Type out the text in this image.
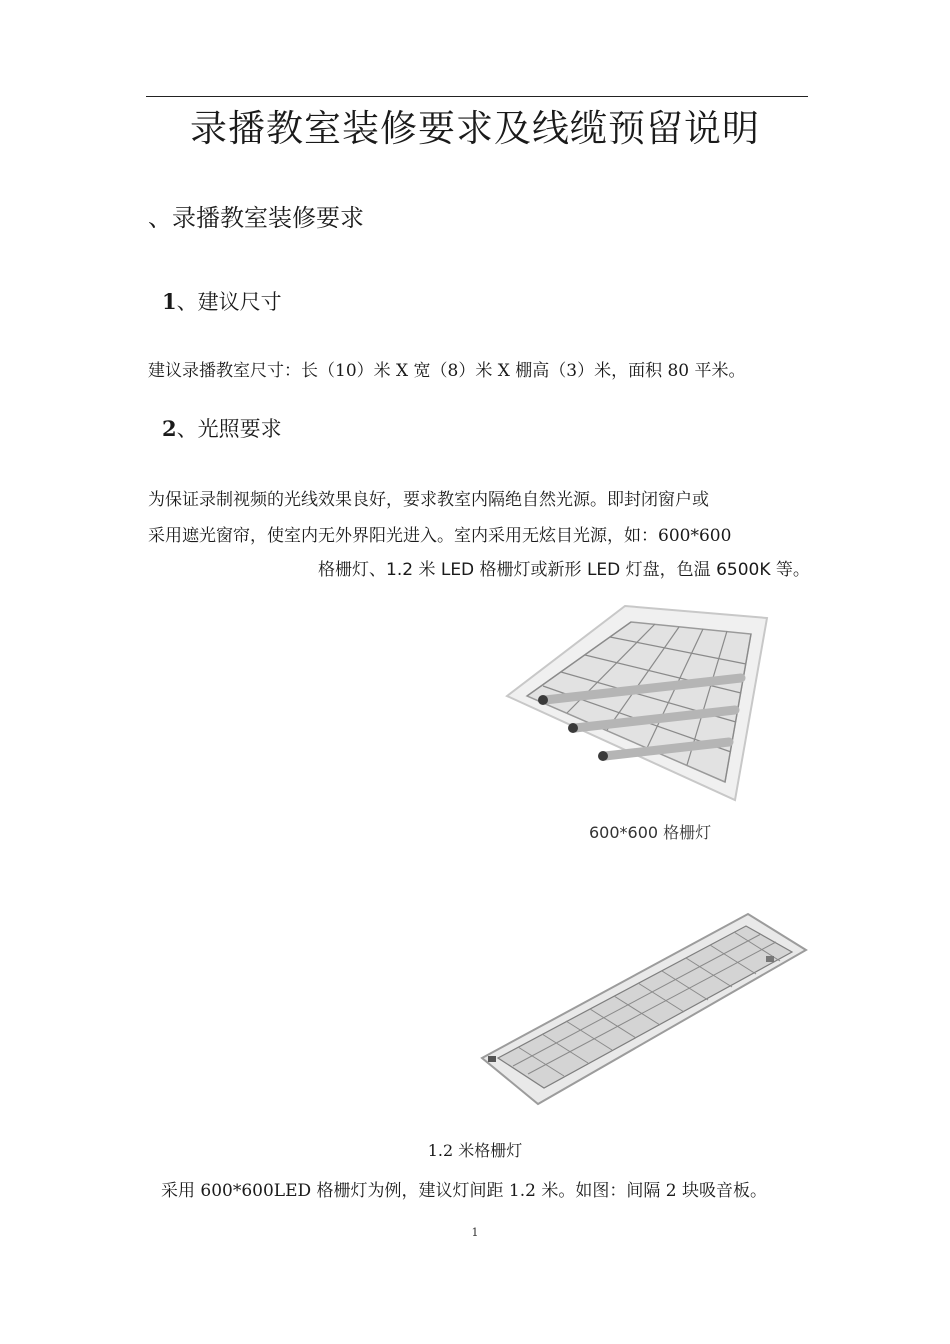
录播教室装修要求及线缆预留说明
、录播教室装修要求
1、建议尺寸
建议录播教室尺寸：长（10）米 X 宽（8）米 X 棚高（3）米，面积 80 平米。
2、光照要求
为保证录制视频的光线效果良好，要求教室内隔绝自然光源。即封闭窗户或
采用遮光窗帘，使室内无外界阳光进入。室内采用无炫目光源，如：600*600
格栅灯、1.2 米 LED 格栅灯或新形 LED 灯盘，色温 6500K 等。
600*600 格栅灯
1.2 米格栅灯
采用 600*600LED 格栅灯为例，建议灯间距 1.2 米。如图：间隔 2 块吸音板。
1
